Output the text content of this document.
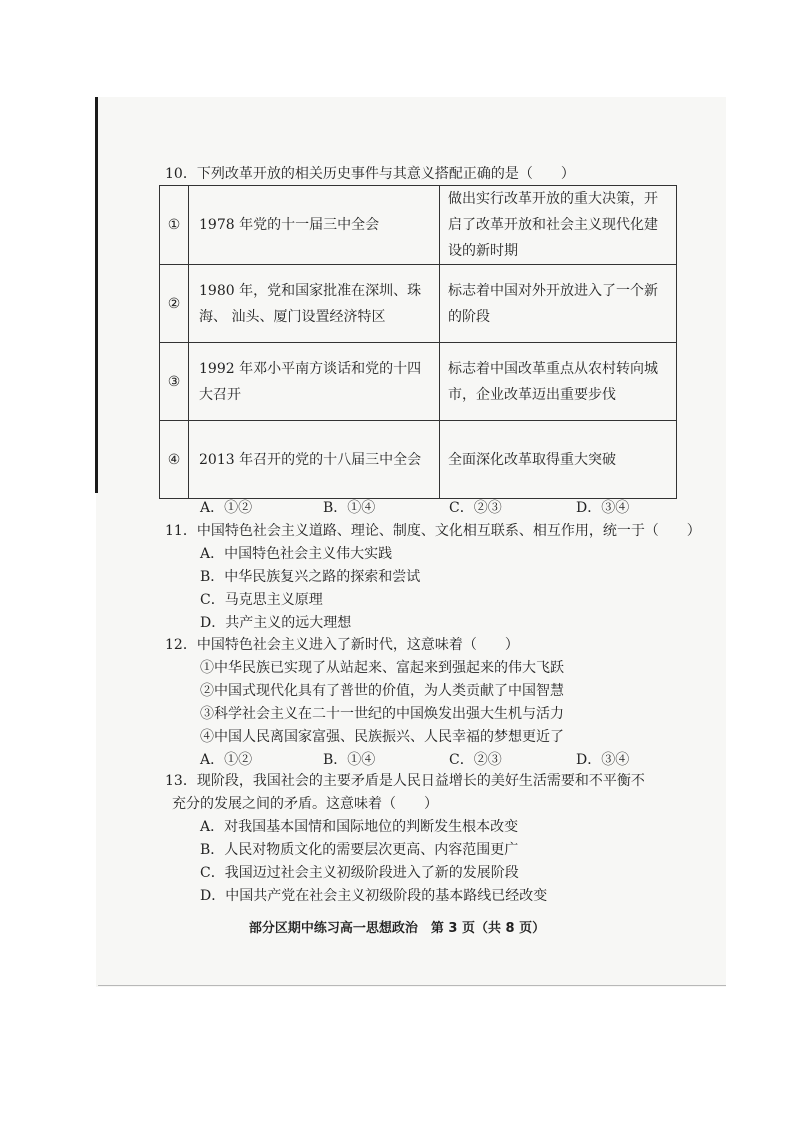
10．下列改革开放的相关历史事件与其意义搭配正确的是（　　）
①	1978 年党的十一届三中全会	做出实行改革开放的重大决策，开启了改革开放和社会主义现代化建设的新时期
②	1980 年，党和国家批准在深圳、珠海、 汕头、厦门设置经济特区	标志着中国对外开放进入了一个新的阶段
③	1992 年邓小平南方谈话和党的十四大召开	标志着中国改革重点从农村转向城市，企业改革迈出重要步伐
④	2013 年召开的党的十八届三中全会	全面深化改革取得重大突破
A．①②	B．①④	C．②③	D．③④
11．中国特色社会主义道路、理论、制度、文化相互联系、相互作用，统一于（　　）
A．中国特色社会主义伟大实践
B．中华民族复兴之路的探索和尝试
C．马克思主义原理
D．共产主义的远大理想
12．中国特色社会主义进入了新时代，这意味着（　　）
①中华民族已实现了从站起来、富起来到强起来的伟大飞跃
②中国式现代化具有了普世的价值，为人类贡献了中国智慧
③科学社会主义在二十一世纪的中国焕发出强大生机与活力
④中国人民离国家富强、民族振兴、人民幸福的梦想更近了
A．①②	B．①④	C．②③	D．③④
13．现阶段，我国社会的主要矛盾是人民日益增长的美好生活需要和不平衡不
充分的发展之间的矛盾。这意味着（　　）
A．对我国基本国情和国际地位的判断发生根本改变
B．人民对物质文化的需要层次更高、内容范围更广
C．我国迈过社会主义初级阶段进入了新的发展阶段
D．中国共产党在社会主义初级阶段的基本路线已经改变
部分区期中练习高一思想政治　第 3 页（共 8 页）
